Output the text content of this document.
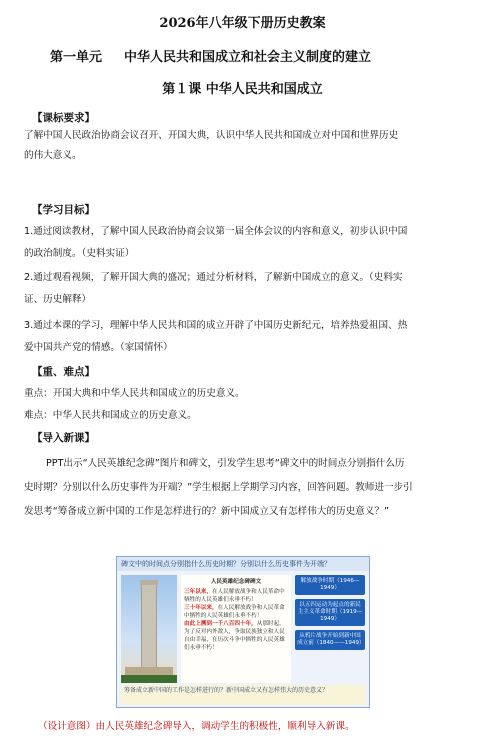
2026年八年级下册历史教案
第一单元 中华人民共和国成立和社会主义制度的建立
第１课 中华人民共和国成立
【课标要求】
了解中国人民政治协商会议召开、开国大典，认识中华人民共和国成立对中国和世界历史
的伟大意义。
【学习目标】
1.通过阅读教材，了解中国人民政治协商会议第一届全体会议的内容和意义，初步认识中国
的政治制度。（史料实证）
2.通过观看视频，了解开国大典的盛况；通过分析材料，了解新中国成立的意义。（史料实
证、历史解释）
3.通过本课的学习，理解中华人民共和国的成立开辟了中国历史新纪元，培养热爱祖国、热
爱中国共产党的情感。（家国情怀）
【重、难点】
重点：开国大典和中华人民共和国成立的历史意义。
难点：中华人民共和国成立的历史意义。
【导入新课】
PPT出示“人民英雄纪念碑”图片和碑文，引发学生思考“碑文中的时间点分别指什么历
史时期？分别以什么历史事件为开端？”学生根据上学期学习内容，回答问题。教师进一步引
发思考“筹备成立新中国的工作是怎样进行的？新中国成立又有怎样伟大的历史意义？”
碑文中的时间点分别指什么历史时期？分别以什么历史事件为开端？
人民英雄纪念碑碑文
三年以来，在人民解放战争和人民革命中牺牲的人民英雄们永垂不朽！
三十年以来，在人民解放战争和人民革命中牺牲的人民英雄们永垂不朽！
由此上溯到一千八百四十年，从那时起，为了反对内外敌人，争取民族独立和人民自由幸福，在历次斗争中牺牲的人民英雄们永垂不朽！
解放战争时期（1946—1949）
以五四运动为起点的新民主主义革命时期（1919—1949）
从鸦片战争开始到新中国成立前（1840——1949）
筹备成立新中国的工作是怎样进行的？新中国成立又有怎样伟大的历史意义？
（设计意图）由人民英雄纪念碑导入，调动学生的积极性，顺利导入新课。
